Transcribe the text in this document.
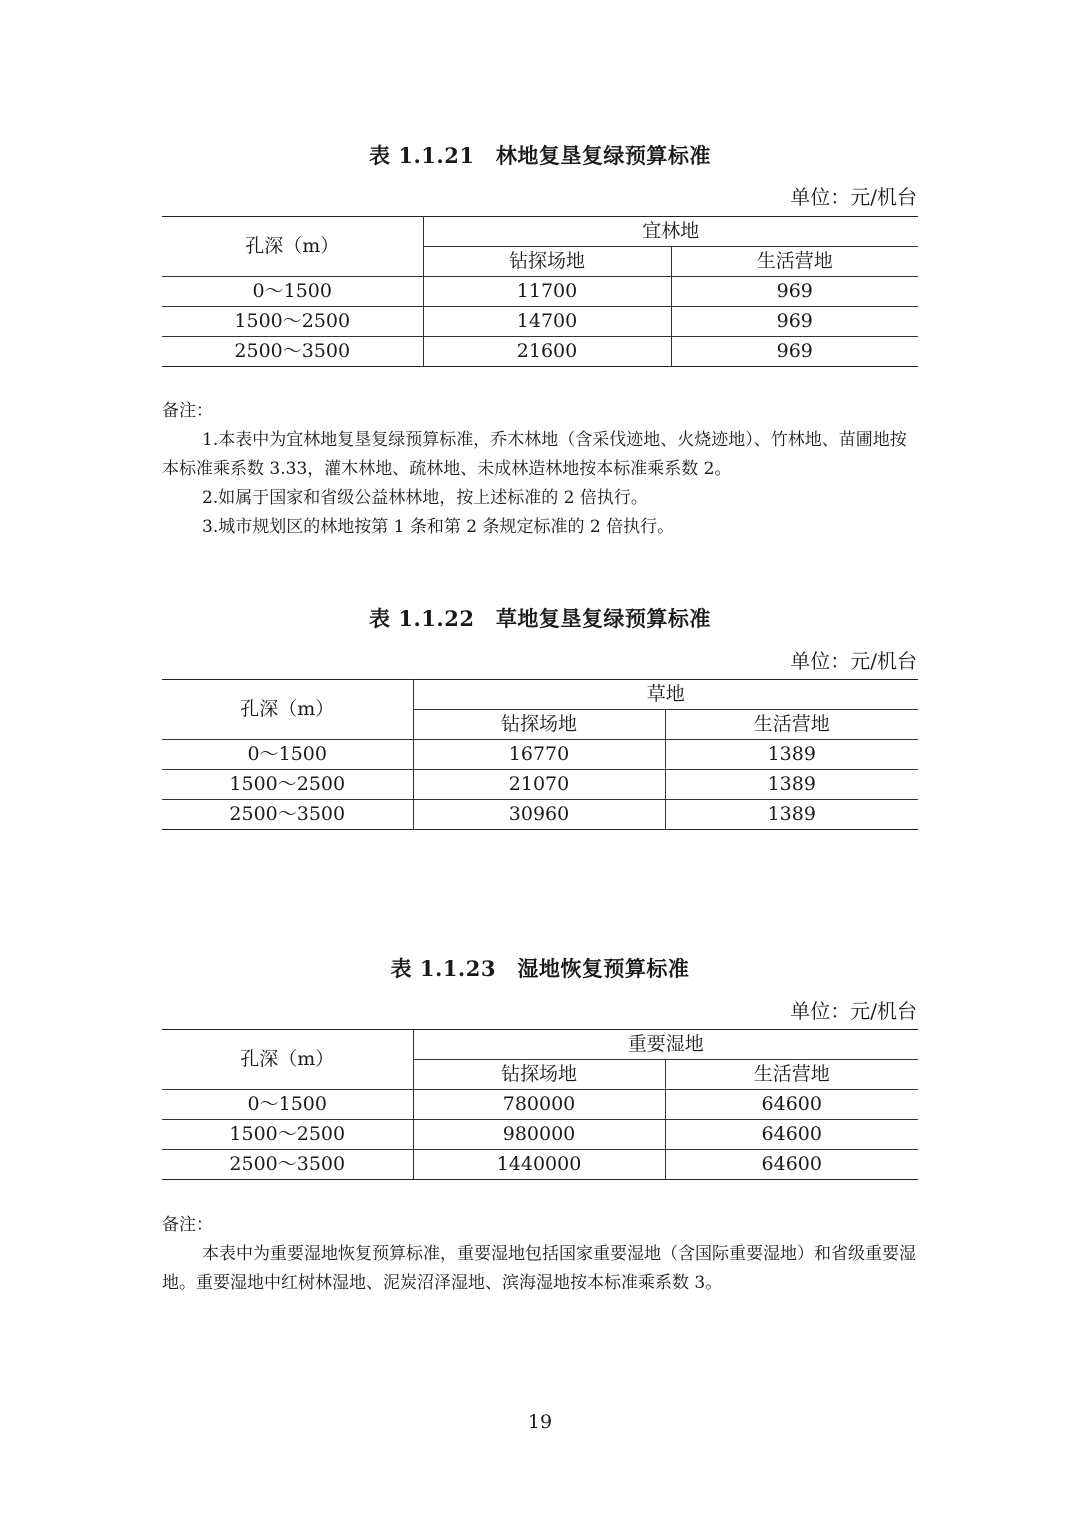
表 1.1.21　林地复垦复绿预算标准
单位：元/机台
孔深（m）	宜林地	
	钻探场地	生活营地
0～1500	11700	969
1500～2500	14700	969
2500～3500	21600	969

备注：

1.本表中为宜林地复垦复绿预算标准，乔木林地（含采伐迹地、火烧迹地）、竹林地、苗圃地按本标准乘系数 3.33，灌木林地、疏林地、未成林造林地按本标准乘系数 2。

2.如属于国家和省级公益林林地，按上述标准的 2 倍执行。

3.城市规划区的林地按第 1 条和第 2 条规定标准的 2 倍执行。

表 1.1.22　草地复垦复绿预算标准
单位：元/机台
孔深（m）	草地	
	钻探场地	生活营地
0～1500	16770	1389
1500～2500	21070	1389
2500～3500	30960	1389
表 1.1.23　湿地恢复预算标准
单位：元/机台
孔深（m）	重要湿地	
	钻探场地	生活营地
0～1500	780000	64600
1500～2500	980000	64600
2500～3500	1440000	64600

备注：

本表中为重要湿地恢复预算标准，重要湿地包括国家重要湿地（含国际重要湿地）和省级重要湿地。重要湿地中红树林湿地、泥炭沼泽湿地、滨海湿地按本标准乘系数 3。

19
